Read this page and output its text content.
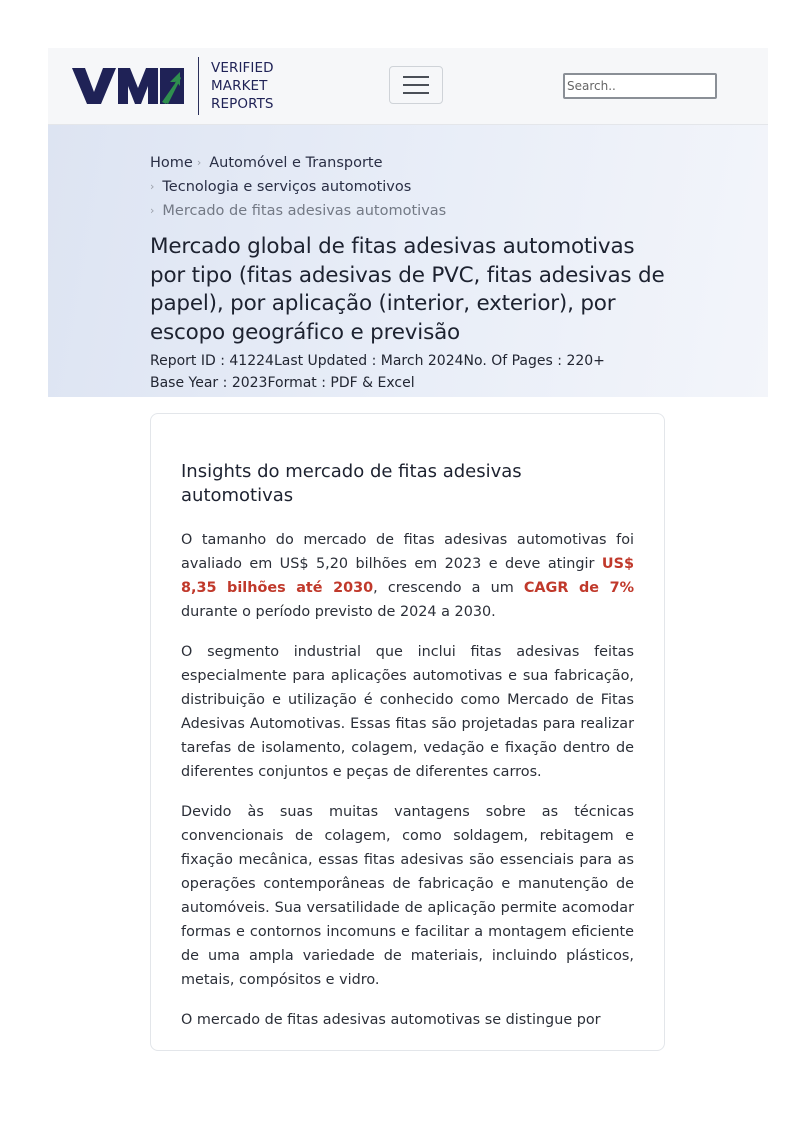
VERIFIED
MARKET
REPORTS
Search..
Home › Automóvel e Transporte
› Tecnologia e serviços automotivos
› Mercado de fitas adesivas automotivas
Mercado global de fitas adesivas automotivas por tipo (fitas adesivas de PVC, fitas adesivas de papel), por aplicação (interior, exterior), por escopo geográfico e previsão
Report ID : 41224Last Updated : March 2024No. Of Pages : 220+
Base Year : 2023Format : PDF & Excel
Insights do mercado de fitas adesivas automotivas

O tamanho do mercado de fitas adesivas automotivas foi avaliado em US$ 5,20 bilhões em 2023 e deve atingir US$ 8,35 bilhões até 2030, crescendo a um CAGR de 7% durante o período previsto de 2024 a 2030.

O segmento industrial que inclui fitas adesivas feitas especialmente para aplicações automotivas e sua fabricação, distribuição e utilização é conhecido como Mercado de Fitas Adesivas Automotivas. Essas fitas são projetadas para realizar tarefas de isolamento, colagem, vedação e fixação dentro de diferentes conjuntos e peças de diferentes carros.

Devido às suas muitas vantagens sobre as técnicas convencionais de colagem, como soldagem, rebitagem e fixação mecânica, essas fitas adesivas são essenciais para as operações contemporâneas de fabricação e manutenção de automóveis. Sua versatilidade de aplicação permite acomodar formas e contornos incomuns e facilitar a montagem eficiente de uma ampla variedade de materiais, incluindo plásticos, metais, compósitos e vidro.

O mercado de fitas adesivas automotivas se distingue por
